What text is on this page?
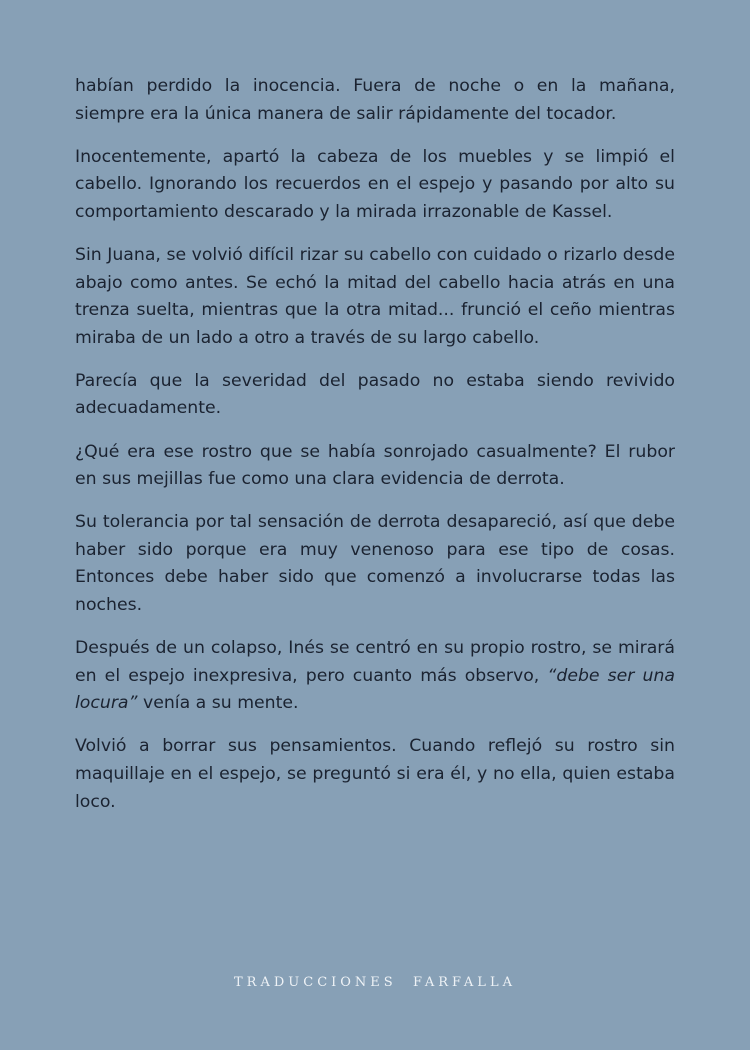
habían perdido la inocencia. Fuera de noche o en la mañana, siempre era la única manera de salir rápidamente del tocador.

Inocentemente, apartó la cabeza de los muebles y se limpió el cabello. Ignorando los recuerdos en el espejo y pasando por alto su comportamiento descarado y la mirada irrazonable de Kassel.

Sin Juana, se volvió difícil rizar su cabello con cuidado o rizarlo desde abajo como antes. Se echó la mitad del cabello hacia atrás en una trenza suelta, mientras que la otra mitad... frunció el ceño mientras miraba de un lado a otro a través de su largo cabello.

Parecía que la severidad del pasado no estaba siendo revivido adecuadamente.

¿Qué era ese rostro que se había sonrojado casualmente? El rubor en sus mejillas fue como una clara evidencia de derrota.

Su tolerancia por tal sensación de derrota desapareció, así que debe haber sido porque era muy venenoso para ese tipo de cosas. Entonces debe haber sido que comenzó a involucrarse todas las noches.

Después de un colapso, Inés se centró en su propio rostro, se mirará en el espejo inexpresiva, pero cuanto más observo, “debe ser una locura” venía a su mente.

Volvió a borrar sus pensamientos. Cuando reflejó su rostro sin maquillaje en el espejo, se preguntó si era él, y no ella, quien estaba loco.

TRADUCCIONES  FARFALLA
